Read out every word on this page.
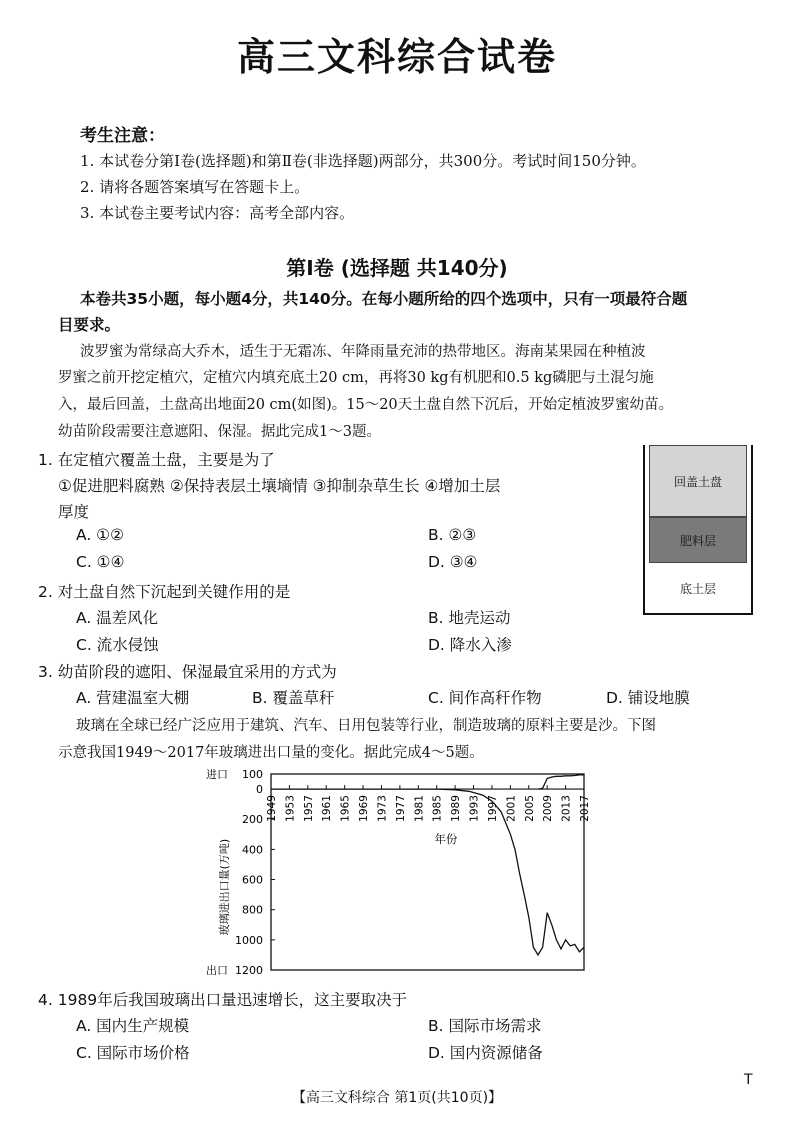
高三文科综合试卷
考生注意：
1. 本试卷分第Ⅰ卷(选择题)和第Ⅱ卷(非选择题)两部分，共300分。考试时间150分钟。
2. 请将各题答案填写在答题卡上。
3. 本试卷主要考试内容：高考全部内容。
第Ⅰ卷 (选择题 共140分)
本卷共35小题，每小题4分，共140分。在每小题所给的四个选项中，只有一项最符合题
目要求。
波罗蜜为常绿高大乔木，适生于无霜冻、年降雨量充沛的热带地区。海南某果园在种植波
罗蜜之前开挖定植穴，定植穴内填充底土20 cm，再将30 kg有机肥和0.5 kg磷肥与土混匀施
入，最后回盖，土盘高出地面20 cm(如图)。15～20天土盘自然下沉后，开始定植波罗蜜幼苗。
幼苗阶段需要注意遮阳、保湿。据此完成1～3题。
回盖土盘
肥料层
底土层
1. 在定植穴覆盖土盘，主要是为了
①促进肥料腐熟 ②保持表层土壤墒情 ③抑制杂草生长 ④增加土层
厚度
A. ①②	B. ②③
C. ①④	D. ③④
2. 对土盘自然下沉起到关键作用的是
A. 温差风化	B. 地壳运动
C. 流水侵蚀	D. 降水入渗
3. 幼苗阶段的遮阳、保湿最宜采用的方式为
A. 营建温室大棚	B. 覆盖草秆	C. 间作高秆作物	D. 铺设地膜
玻璃在全球已经广泛应用于建筑、汽车、日用包装等行业，制造玻璃的原料主要是沙。下图
示意我国1949～2017年玻璃进出口量的变化。据此完成4～5题。
100
0
200
400
600
800
1000
1200
进口
出口
玻璃进出口量(万吨)
1949 1953 1957 1961 1965 1969 1973 1977 1981 1985 1989 1993 1997 2001 2005 2009 2013 2017
年份
4. 1989年后我国玻璃出口量迅速增长，这主要取决于
A. 国内生产规模	B. 国际市场需求
C. 国际市场价格	D. 国内资源储备
【高三文科综合 第1页(共10页)】
T
